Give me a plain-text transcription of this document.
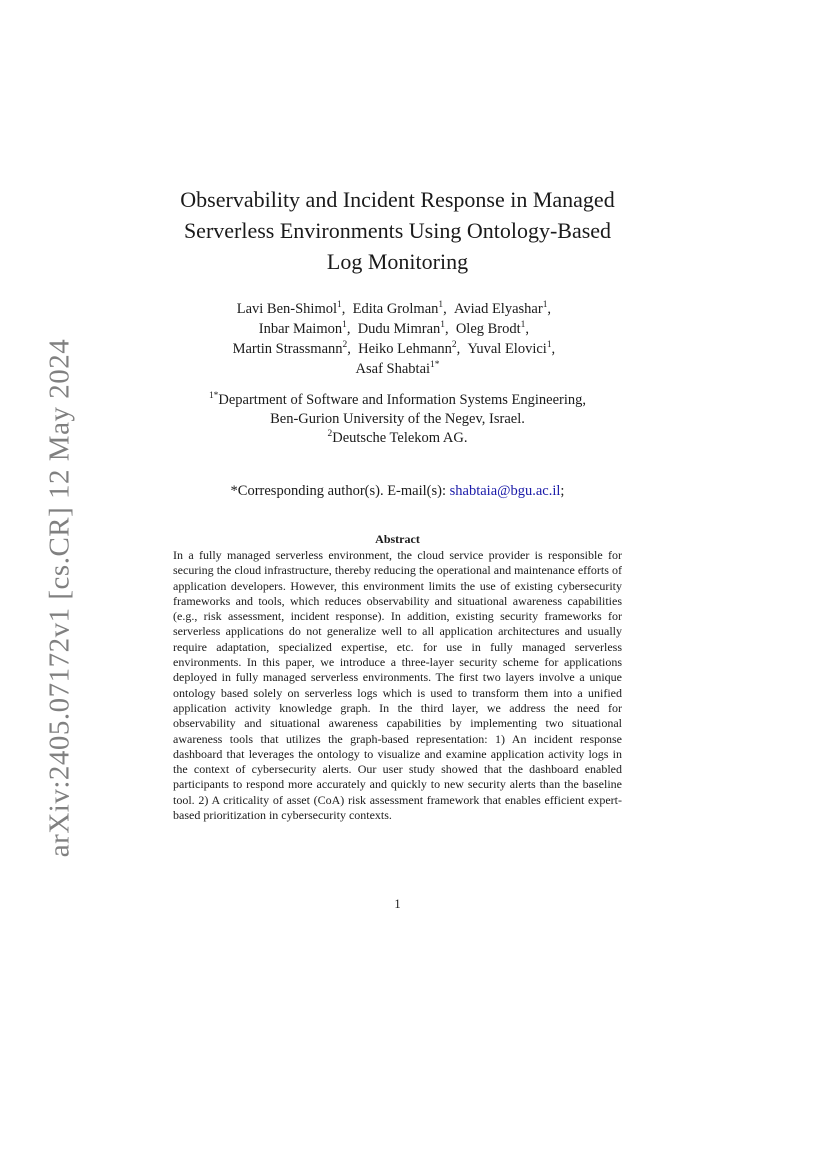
arXiv:2405.07172v1 [cs.CR] 12 May 2024
Observability and Incident Response in Managed
Serverless Environments Using Ontology-Based
Log Monitoring
Lavi Ben-Shimol$^1$, Edita Grolman$^1$, Aviad Elyashar$^1$, 
Inbar Maimon$^1$, Dudu Mimran$^1$, Oleg Brodt$^1$, 
Martin Strassmann$^2$, Heiko Lehmann$^2$, Yuval Elovici$^1$, 
Asaf Shabtai$^{1*}$
$^{1*}$Department of Software and Information Systems Engineering,
Ben-Gurion University of the Negev, Israel.
$^2$Deutsche Telekom AG.
*Corresponding author(s). E-mail(s): shabtaia@bgu.ac.il;
Abstract
In a fully managed serverless environment, the cloud service provider is responsible for securing the cloud infrastructure, thereby reducing the operational and maintenance efforts of application developers. However, this environment limits the use of existing cybersecurity frameworks and tools, which reduces observability and situational awareness capabilities (e.g., risk assessment, incident response). In addition, existing security frameworks for serverless applications do not generalize well to all application architectures and usually require adaptation, specialized expertise, etc. for use in fully managed serverless environments. In this paper, we introduce a three-layer security scheme for applications deployed in fully managed serverless environments. The first two layers involve a unique ontology based solely on serverless logs which is used to transform them into a unified application activity knowledge graph. In the third layer, we address the need for observability and situational awareness capabilities by implementing two situational awareness tools that utilizes the graph-based representation: 1) An incident response dashboard that leverages the ontology to visualize and examine application activity logs in the context of cybersecurity alerts. Our user study showed that the dashboard enabled participants to respond more accurately and quickly to new security alerts than the baseline tool. 2) A criticality of asset (CoA) risk assessment framework that enables efficient expert-based prioritization in cybersecurity contexts.
1
